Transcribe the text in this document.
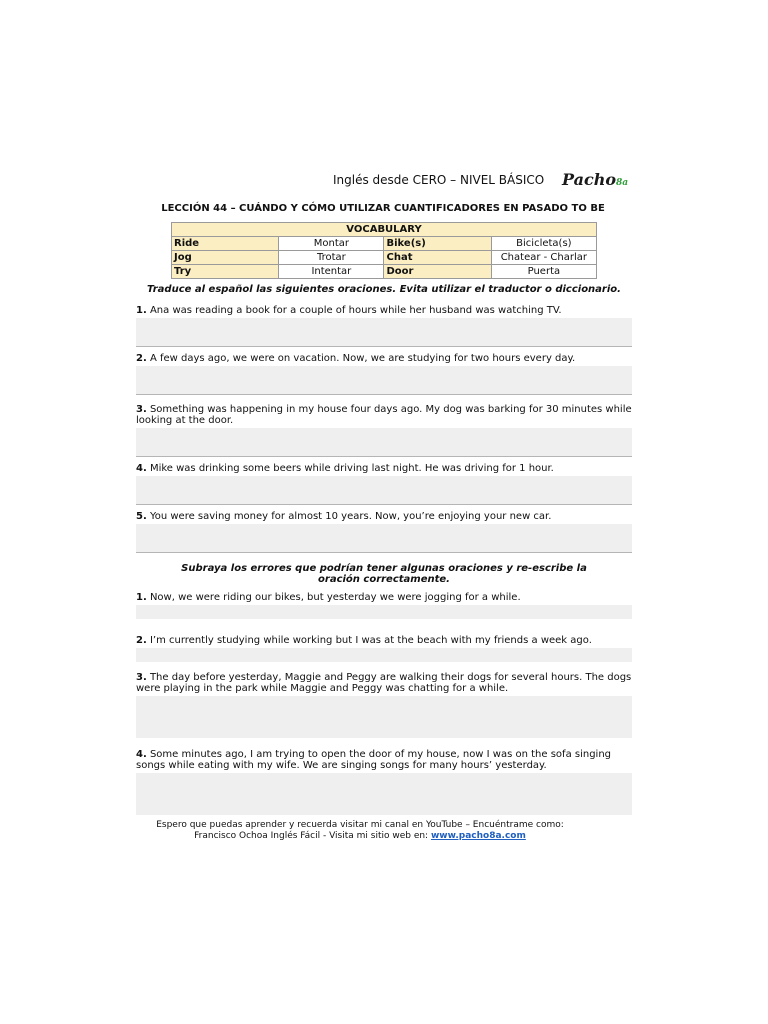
Inglés desde CERO – NIVEL BÁSICO Pacho8a
LECCIÓN 44 – CUÁNDO Y CÓMO UTILIZAR CUANTIFICADORES EN PASADO TO BE
VOCABULARY			
Ride	Montar	Bike(s)	Bicicleta(s)
Jog	Trotar	Chat	Chatear - Charlar
Try	Intentar	Door	Puerta
Traduce al español las siguientes oraciones. Evita utilizar el traductor o diccionario.
1. Ana was reading a book for a couple of hours while her husband was watching TV.
2. A few days ago, we were on vacation. Now, we are studying for two hours every day.
3. Something was happening in my house four days ago. My dog was barking for 30 minutes while looking at the door.
4. Mike was drinking some beers while driving last night. He was driving for 1 hour.
5. You were saving money for almost 10 years. Now, you’re enjoying your new car.
Subraya los errores que podrían tener algunas oraciones y re-escribe la oración correctamente.
1. Now, we were riding our bikes, but yesterday we were jogging for a while.
2. I’m currently studying while working but I was at the beach with my friends a week ago.
3. The day before yesterday, Maggie and Peggy are walking their dogs for several hours. The dogs were playing in the park while Maggie and Peggy was chatting for a while.
4. Some minutes ago, I am trying to open the door of my house, now I was on the sofa singing songs while eating with my wife. We are singing songs for many hours’ yesterday.
Espero que puedas aprender y recuerda visitar mi canal en YouTube – Encuéntrame como:
Francisco Ochoa Inglés Fácil - Visita mi sitio web en: www.pacho8a.com
